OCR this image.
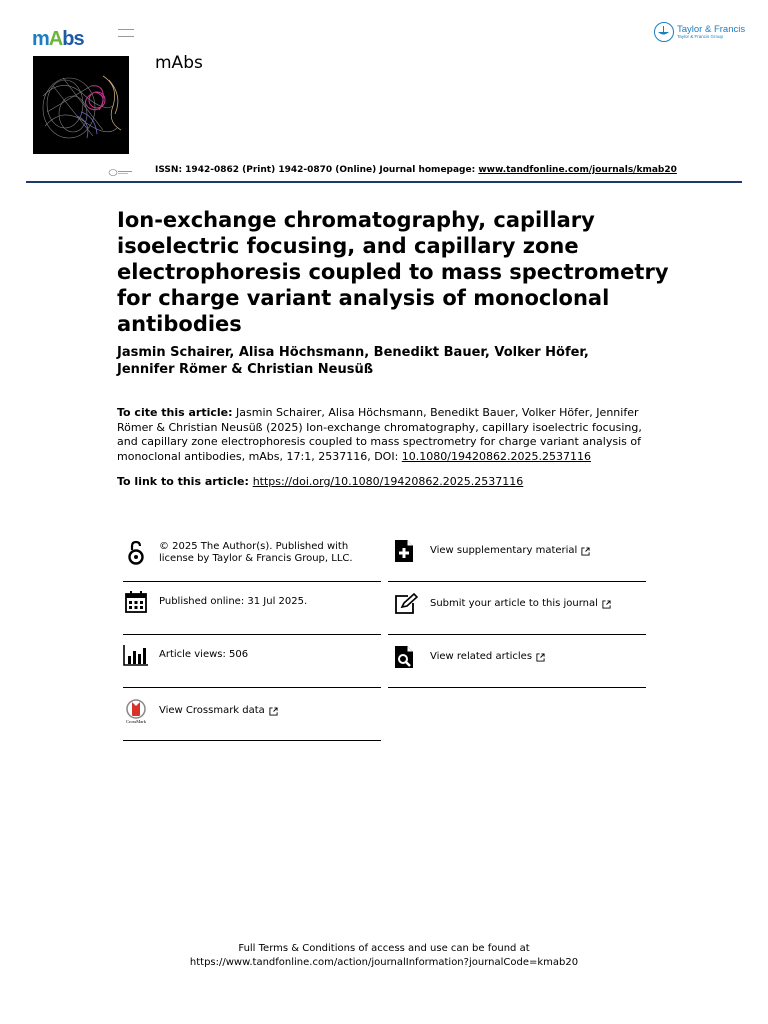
mAbs
mAbs
Taylor & Francis
Taylor & Francis Group
ISSN: 1942-0862 (Print) 1942-0870 (Online) Journal homepage: www.tandfonline.com/journals/kmab20
Ion-exchange chromatography, capillary isoelectric focusing, and capillary zone electrophoresis coupled to mass spectrometry for charge variant analysis of monoclonal antibodies
Jasmin Schairer, Alisa Höchsmann, Benedikt Bauer, Volker Höfer, Jennifer Römer & Christian Neusüß
To cite this article: Jasmin Schairer, Alisa Höchsmann, Benedikt Bauer, Volker Höfer, Jennifer Römer & Christian Neusüß (2025) Ion-exchange chromatography, capillary isoelectric focusing, and capillary zone electrophoresis coupled to mass spectrometry for charge variant analysis of monoclonal antibodies, mAbs, 17:1, 2537116, DOI: 10.1080/19420862.2025.2537116
To link to this article: https://doi.org/10.1080/19420862.2025.2537116
© 2025 The Author(s). Published with license by Taylor & Francis Group, LLC.
Published online: 31 Jul 2025.
Article views: 506
CrossMark
View Crossmark data
View supplementary material
Submit your article to this journal
View related articles
Full Terms & Conditions of access and use can be found at
https://www.tandfonline.com/action/journalInformation?journalCode=kmab20
